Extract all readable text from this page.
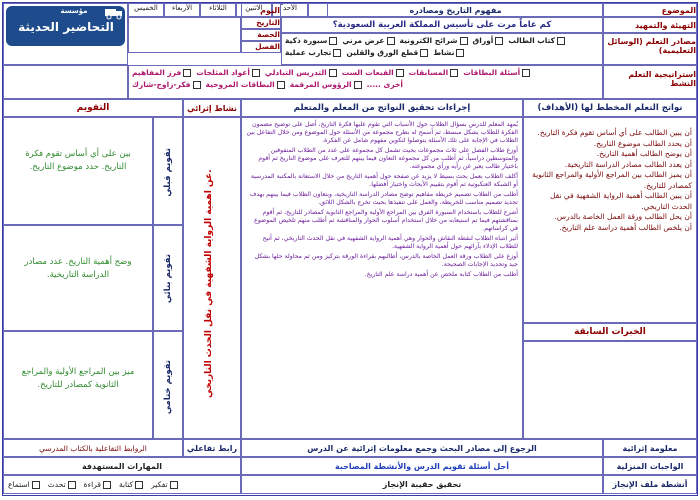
مؤسسة
التحاضير الحديثة
الخميس	الأربعاء	الثلاثاء	الاثنين	الأحد
التاريخ
الحصة
الفصل
مفهوم التاريخ ومصادره	الموضوع
كم عاماً مرت على تأسيس المملكة العربية السعودية؟	التهيئة والتمهيد
سبورة ذكية	عرض مرني	شرائح الكترونية	أوراق	كتاب الطالب
تجارب عملية	قطع الورق والقلين	نشاط
مصادر التعلم (الوسائل التعليمية)
اليوم
فرز المفاهيم	أعواد المثلجات	التدريس التبادلي	القبعات الست	المسابقات	أسئلة البطاقات
فكر-زاوج-شارك	البطاقات المروحية	الرؤوس المرقمة	أخرى .....
استراتيجية التعلم النشط
التقويم	نشاط إثرائي	إجراءات تحقيق النواتج من المعلم والمتعلم	نواتج التعلم المخطط لها (الأهداف)
أن يبين الطالب على أي أساس تقوم فكرة التاريخ.
أن يحدد الطالب موضوع التاريخ.
أن يوضح الطالب أهمية التاريخ.
أن يعدد الطالب مصادر الدراسة التاريخية.
أن يميز الطالب بين المراجع الأولية والمراجع الثانوية كمصادر للتاريخ.
أن يبين الطالب أهمية الرواية الشفهية في نقل الحدث التاريخي.
أن يحل الطالب ورقة العمل الخاصة بالدرس.
أن يلخص الطالب أهمية دراسة علم التاريخ.
الخبرات السابقة
يُمهد المعلم للدرس بسؤال الطلاب حول الأسباب التي تقوم عليها فكرة التاريخ، أصل على توضيح مضمون الفكرة للطلاب بشكل مبسط، ثم أسمح له بطرح مجموعة من الأسئلة حول الموضوع ومن خلال التفاعل بين الطلاب في الإجابة على تلك الأسئلة يتوصلوا لتكوين مفهوم شامل عن الفكرة.
أوزع طلاب الفصل على ثلاث مجموعات بحيث تشمل كل مجموعة على عدد من الطلاب المتفوقين والمتوسطين دراسياً، ثم أطلب من كل مجموعة التعاون فيما بينهم للتعرف على موضوع التاريخ ثم أقوم باختيار طالب يعبر عن رأيه ورأي مجموعته.
أكلف الطلاب بعمل بحث بسيط لا يزيد عن صفحة حول أهمية التاريخ من خلال الاستعانة بالمكتبة المدرسية أو الشبكة العنكبوتية ثم أقوم بتقييم الأبحاث واختيار أفضلها.
أطلب من الطلاب تصميم خريطة مفاهيم توضح مصادر الدراسة التاريخية، وبتعاون الطلاب فيما بينهم بهدف تحديد تصميم مناسب للخريطة، والعمل على تنفيذها بحيث تخرج بالشكل اللائق.
أشرح للطلاب باستخدام السبورة الفرق بين المراجع الأولية والمراجع الثانوية كمصادر للتاريخ، ثم أقوم بمناقشتهم فيما تم استيعابه من خلال استخدام أسلوب الحوار والمناقشة ثم أطلب منهم تلخيص الموضوع في كراساتهم.
أثير انتباه الطلاب لنقطة النقاش والحوار وهي أهمية الرواية الشفهية في نقل الحدث التاريخي، ثم أتيح للطلاب الإدلاء بآرائهم حول أهمية الرواية الشفهية.
أوزع على الطلاب ورقة العمل الخاصة بالدرس، أطالبهم بقراءة الورقة بتركيز ومن ثم محاولة حلها بشكل جيد وتحديد الإجابات الصحيحة.
أطلب من الطلاب كتابة ملخص عن أهمية دراسة علم التاريخ.
عن أهمية الرواية الشفهية في نقل الحدث التاريخي.
تقويم قبلي
بين على أي أساس تقوم فكرة التاريخ. حدد موضوع التاريخ.
تقويم بنائي
وضح أهمية التاريخ. عدد مصادر الدراسة التاريخية.
تقويم ختامي
ميز بين المراجع الأولية والمراجع الثانوية كمصادر للتاريخ.
معلومة إثرائية
الرجوع إلى مصادر البحث وجمع معلومات إثرائية عن الدرس
رابط تفاعلي
الروابط التفاعلية بالكتاب المدرسي
الواجبات المنزلية
أحل أسئلة تقويم الدرس والأنشطة المصاحبة
المهارات المستهدفة
أنشطة ملف الإنجاز
تحقيق حقيبة الإنجاز
استماع	تحدث	قراءة	كتابة	تفكير
